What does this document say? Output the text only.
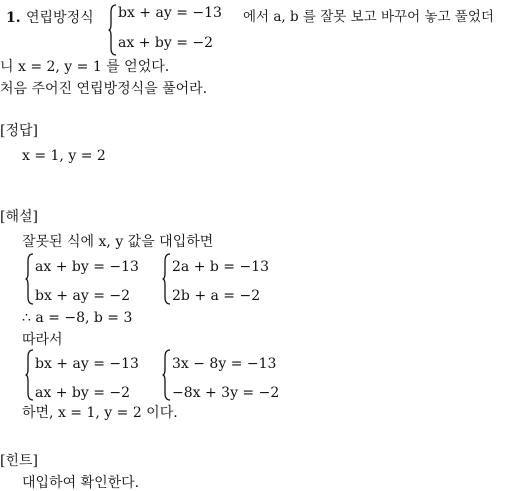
1. 연립방정식 bx + ay = −13
ax + by = −2
에서 a, b 를 잘못 보고 바꾸어 놓고 풀었더
니 x = 2, y = 1 를 얻었다.
처음 주어진 연립방정식을 풀어라.
[정답]
x = 1, y = 2
[해설]
잘못된 식에 x, y 값을 대입하면
ax + by = −13
bx + ay = −2
2a + b = −13
2b + a = −2
∴ a = −8, b = 3
따라서
bx + ay = −13
ax + by = −2
3x − 8y = −13
−8x + 3y = −2
하면, x = 1, y = 2 이다.
[힌트]
대입하여 확인한다.
